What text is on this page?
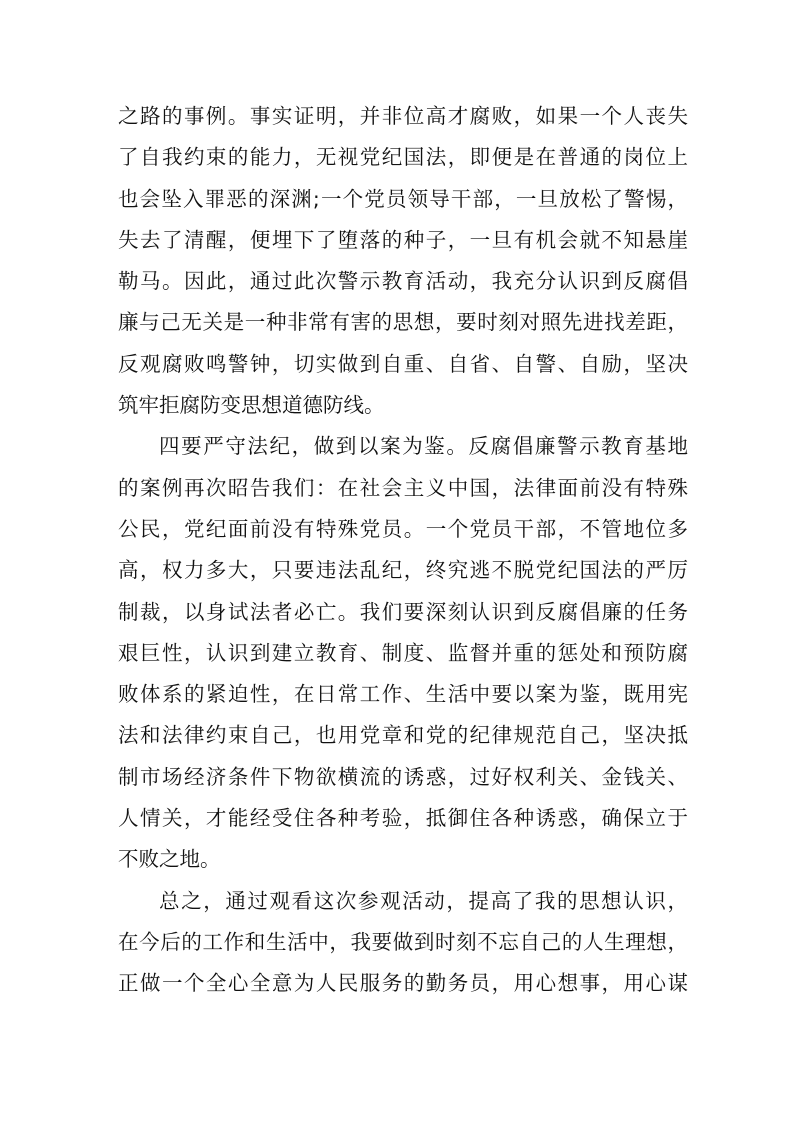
之路的事例。事实证明，并非位高才腐败，如果一个人丧失
了自我约束的能力，无视党纪国法，即便是在普通的岗位上
也会坠入罪恶的深渊;一个党员领导干部，一旦放松了警惕，
失去了清醒，便埋下了堕落的种子，一旦有机会就不知悬崖
勒马。因此，通过此次警示教育活动，我充分认识到反腐倡
廉与己无关是一种非常有害的思想，要时刻对照先进找差距，
反观腐败鸣警钟，切实做到自重、自省、自警、自励，坚决
筑牢拒腐防变思想道德防线。
四要严守法纪，做到以案为鉴。反腐倡廉警示教育基地
的案例再次昭告我们：在社会主义中国，法律面前没有特殊
公民，党纪面前没有特殊党员。一个党员干部，不管地位多
高，权力多大，只要违法乱纪，终究逃不脱党纪国法的严厉
制裁，以身试法者必亡。我们要深刻认识到反腐倡廉的任务
艰巨性，认识到建立教育、制度、监督并重的惩处和预防腐
败体系的紧迫性，在日常工作、生活中要以案为鉴，既用宪
法和法律约束自己，也用党章和党的纪律规范自己，坚决抵
制市场经济条件下物欲横流的诱惑，过好权利关、金钱关、
人情关，才能经受住各种考验，抵御住各种诱惑，确保立于
不败之地。
总之，通过观看这次参观活动，提高了我的思想认识，
在今后的工作和生活中，我要做到时刻不忘自己的人生理想，
正做一个全心全意为人民服务的勤务员，用心想事，用心谋
